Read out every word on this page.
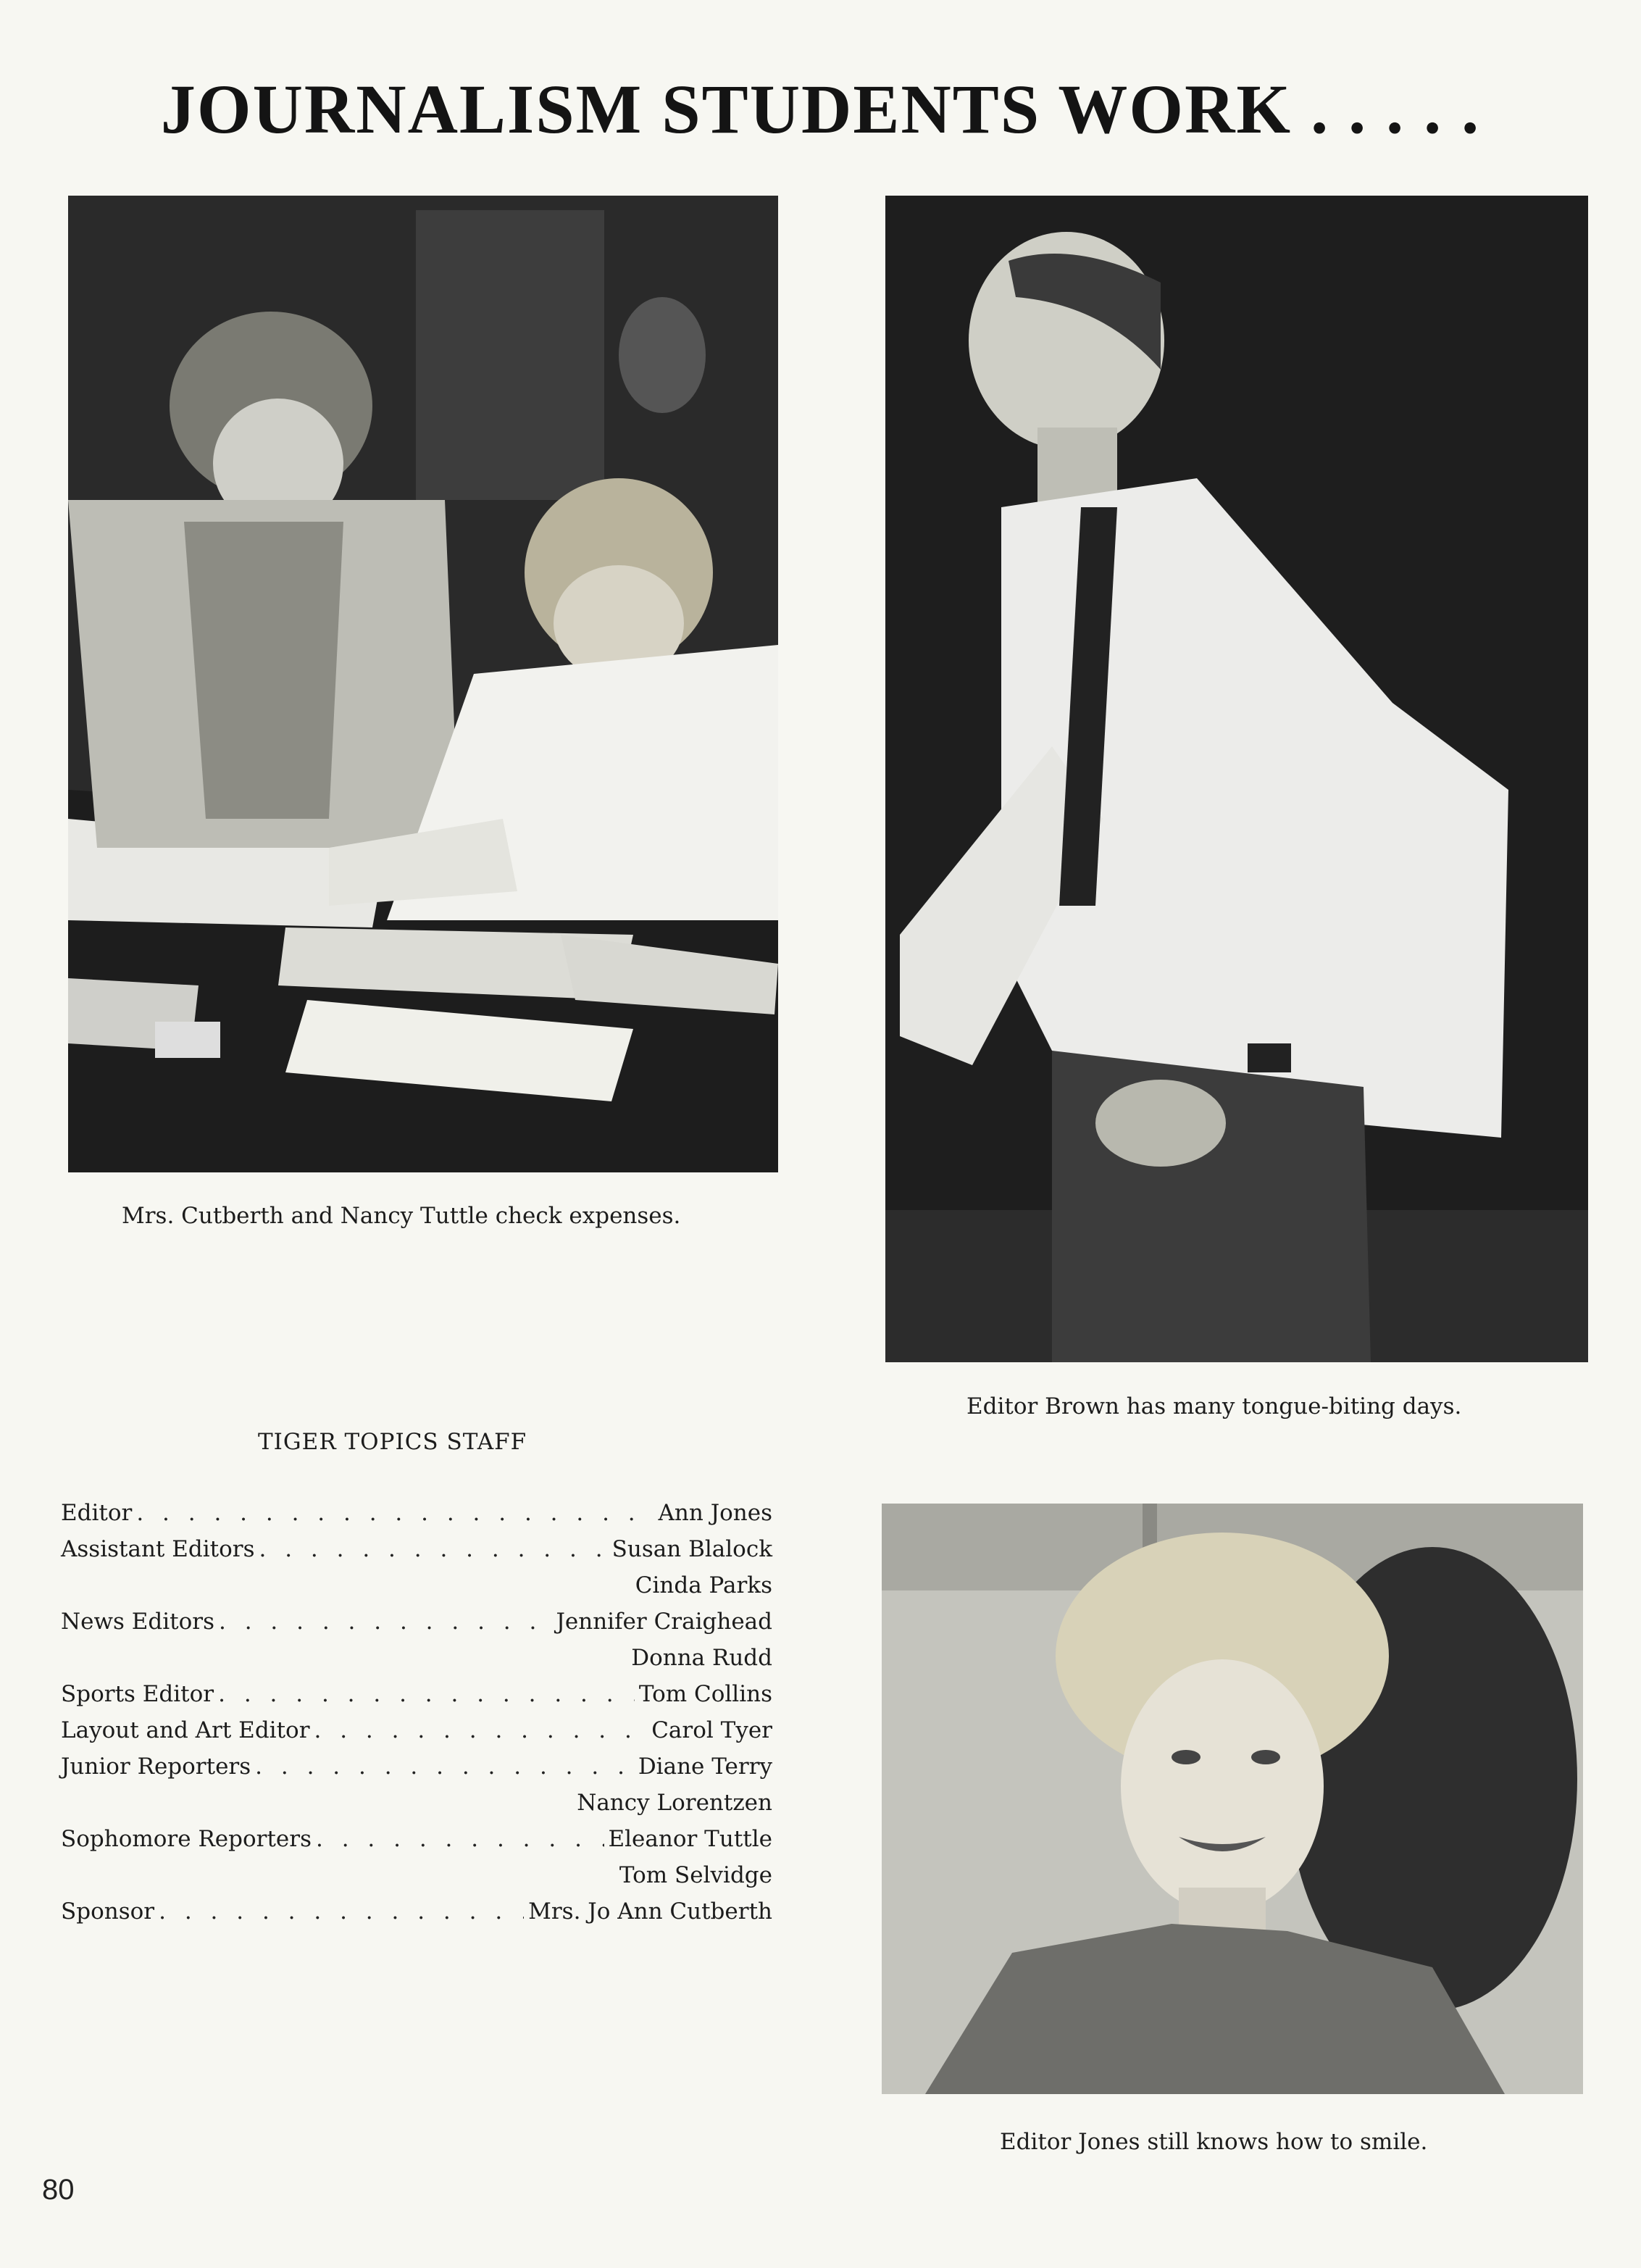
JOURNALISM STUDENTS WORK . . . . .
Mrs. Cutberth and Nancy Tuttle check expenses.
Editor Brown has many tongue-biting days.
Editor Jones still knows how to smile.
TIGER TOPICS STAFF
Editor . . .	Ann Jones
Assistant Editors . . .	Susan Blalock
Cinda Parks
News Editors . . .	Jennifer Craighead
Donna Rudd
Sports Editor . . .	Tom Collins
Layout and Art Editor . . .	Carol Tyer
Junior Reporters . . .	Diane Terry
Nancy Lorentzen
Sophomore Reporters . . .	Eleanor Tuttle
Tom Selvidge
Sponsor . . .	Mrs. Jo Ann Cutberth
80
